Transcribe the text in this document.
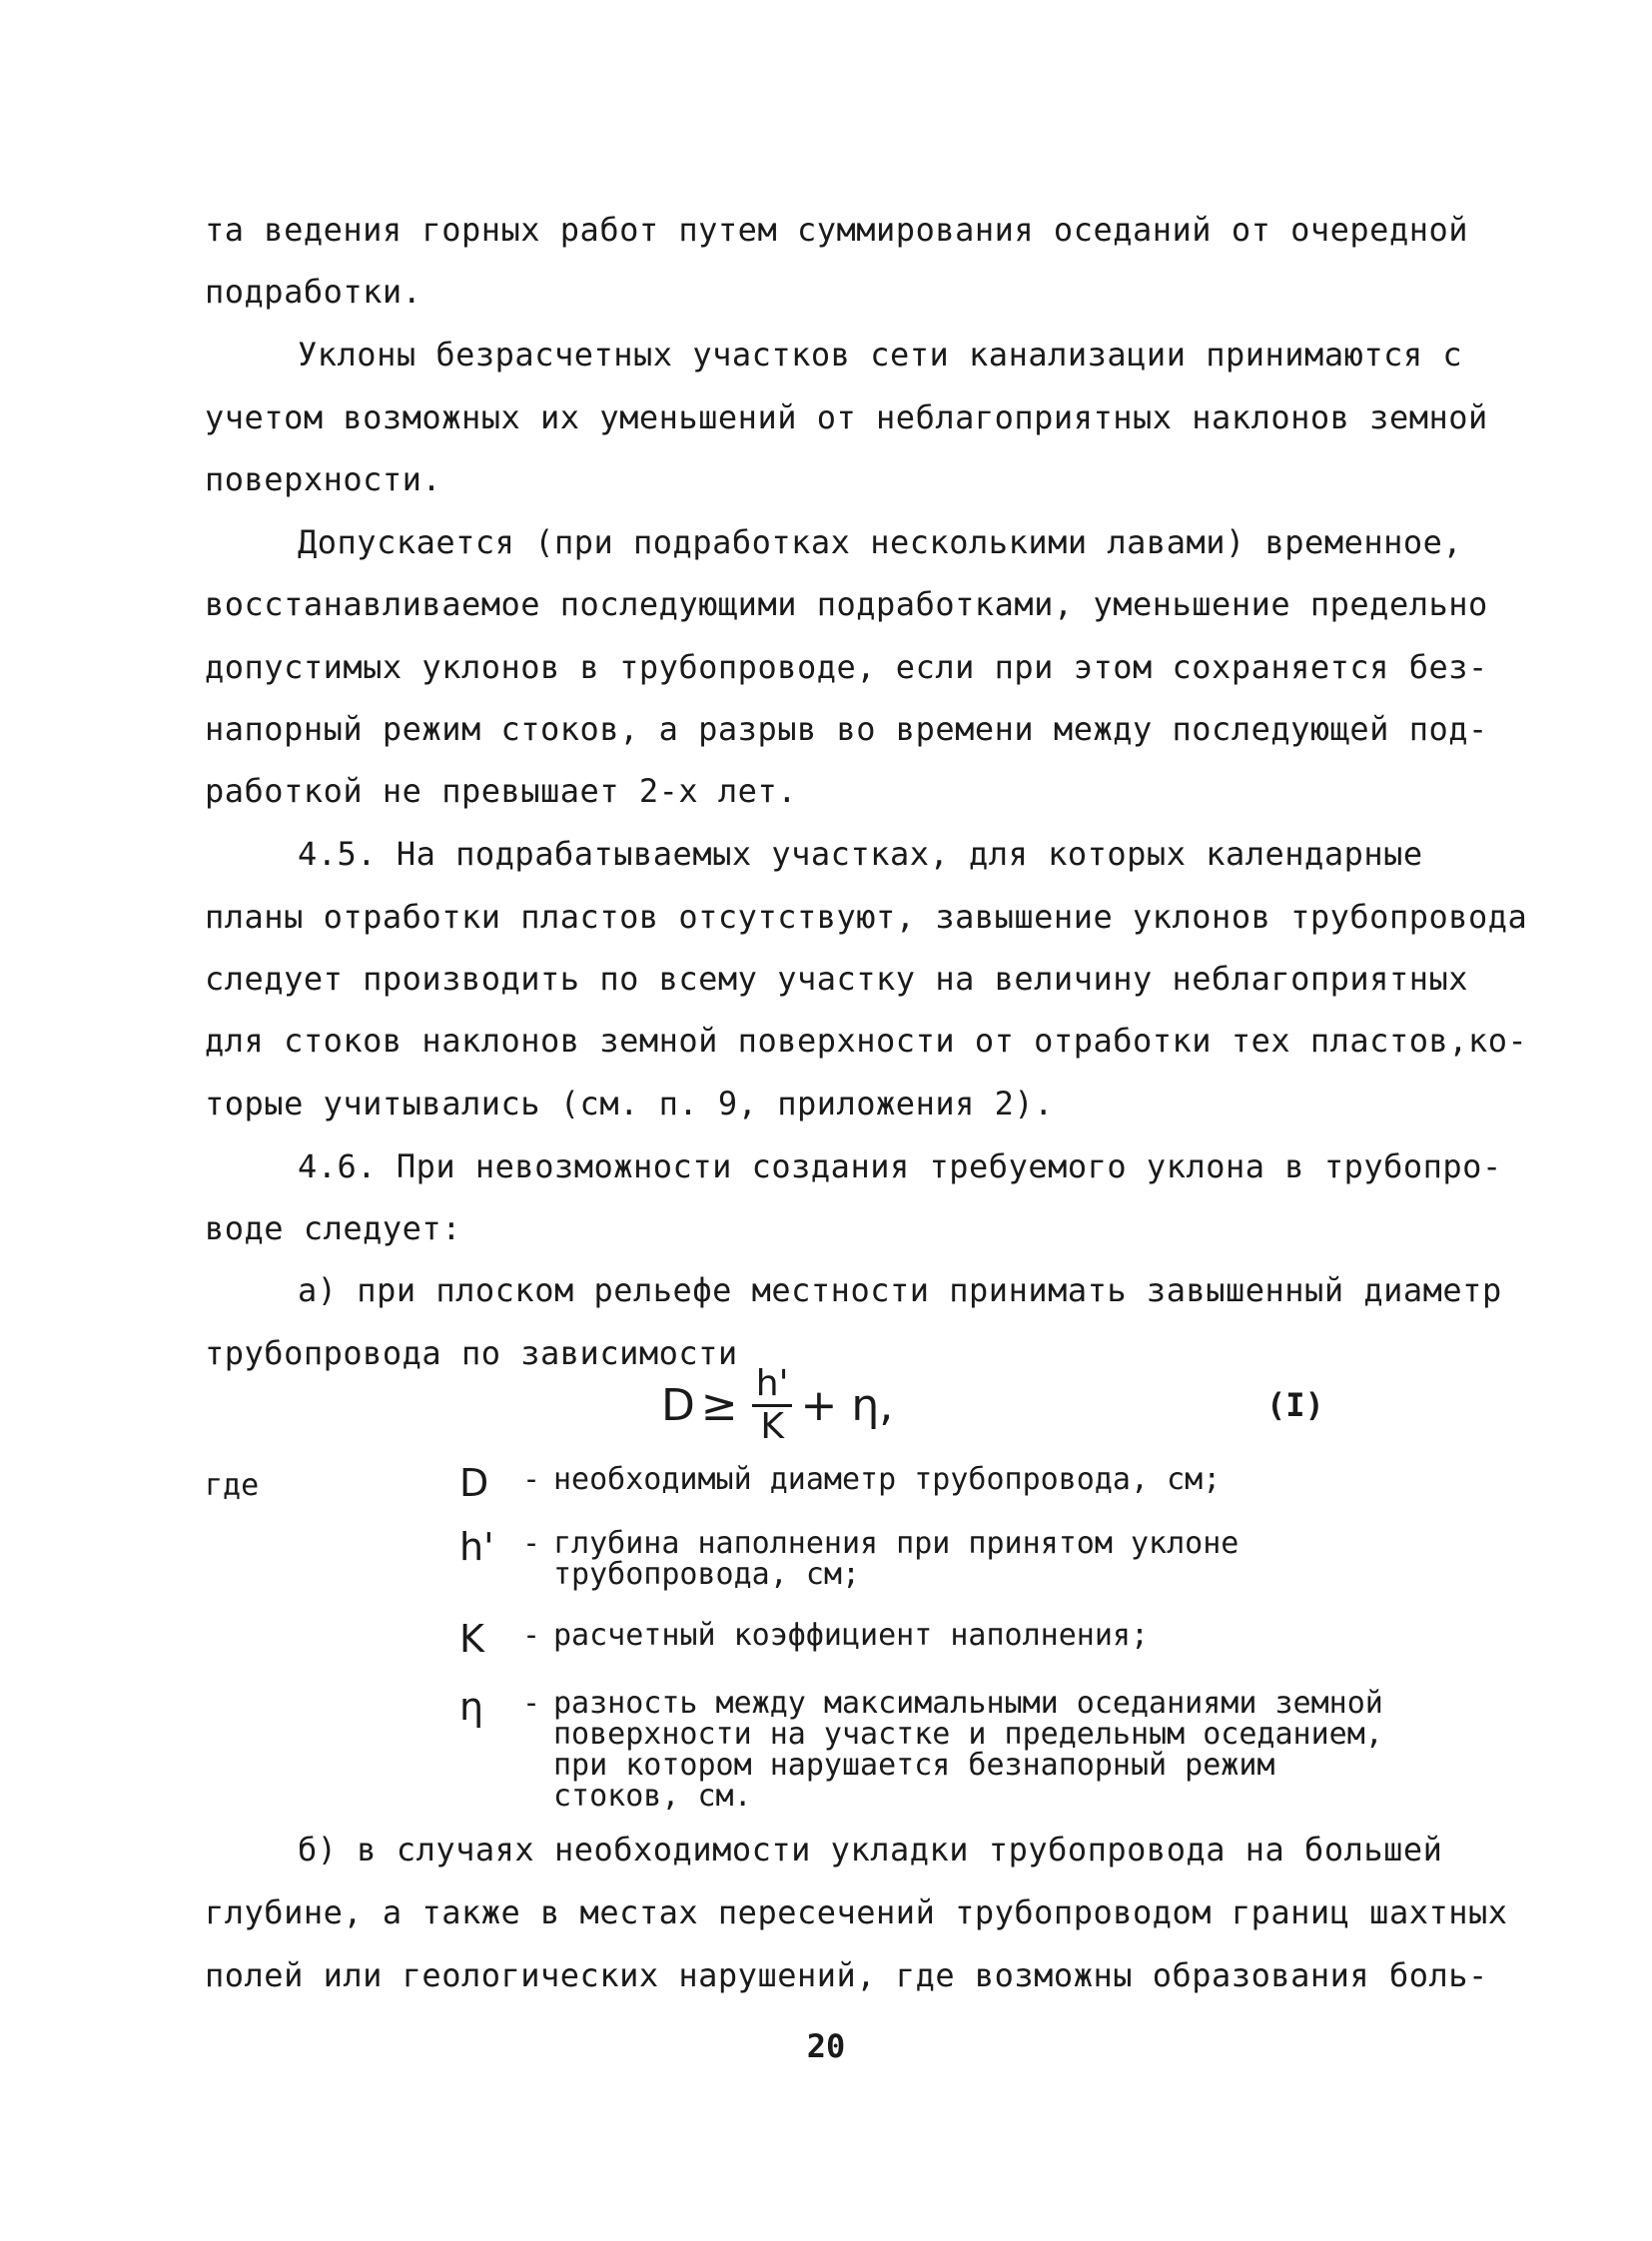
та ведения горных работ путем суммирования оседаний от очередной
подработки.
Уклоны безрасчетных участков сети канализации принимаются с
учетом возможных их уменьшений от неблагоприятных наклонов земной
поверхности.
Допускается (при подработках несколькими лавами) временное,
восстанавливаемое последующими подработками, уменьшение предельно
допустимых уклонов в трубопроводе, если при этом сохраняется без-
напорный режим стоков, а разрыв во времени между последующей под-
работкой не превышает 2-х лет.
4.5. На подрабатываемых участках, для которых календарные
планы отработки пластов отсутствуют, завышение уклонов трубопровода
следует производить по всему участку на величину неблагоприятных
для стоков наклонов земной поверхности от отработки тех пластов,ко-
торые учитывались (см. п. 9, приложения 2).
4.6. При невозможности создания требуемого уклона в трубопро-
воде следует:
а) при плоском рельефе местности принимать завышенный диаметр
трубопровода по зависимости
$D \ge \frac{h'}{K} + \eta$,	(I)
где	D	- необходимый диаметр трубопровода, см;
h' - глубина наполнения при принятом уклоне трубопровода, см;
K	- расчетный коэффициент наполнения;
η	- разность между максимальными оседаниями земной поверхности на участке и предельным оседанием, при котором нарушается безнапорный режим стоков, см.
б) в случаях необходимости укладки трубопровода на большей
глубине, а также в местах пересечений трубопроводом границ шахтных
полей или геологических нарушений, где возможны образования боль-
20
